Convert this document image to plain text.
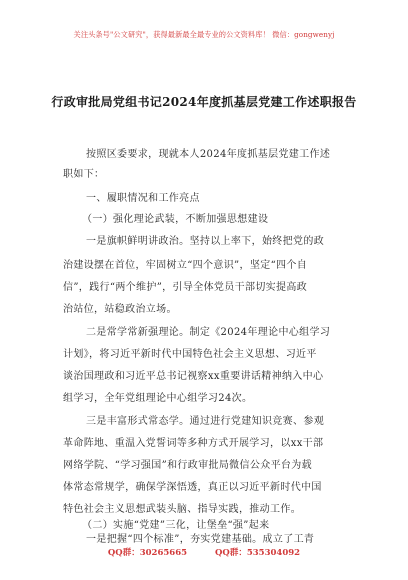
关注头条号"公文研究"，获得最新最全最专业的公文资料库！ 微信：gongwenyj
行政审批局党组书记2024年度抓基层党建工作述职报告
按照区委要求，现就本人2024年度抓基层党建工作述
职如下：
一、履职情况和工作亮点
（一）强化理论武装，不断加强思想建设
一是旗帜鲜明讲政治。坚持以上率下，始终把党的政
治建设摆在首位，牢固树立“四个意识”，坚定“四个自
信”，践行“两个维护”，引导全体党员干部切实提高政
治站位，站稳政治立场。
二是常学常新强理论。制定《2024年理论中心组学习
计划》，将习近平新时代中国特色社会主义思想、习近平
谈治国理政和习近平总书记视察xx重要讲话精神纳入中心
组学习，全年党组理论中心组学习24次。
三是丰富形式常态学。通过进行党建知识竞赛、参观
革命阵地、重温入党誓词等多种方式开展学习，以xx干部
网络学院、“学习强国”和行政审批局微信公众平台为载
体常态常规学，确保学深悟透，真正以习近平新时代中国
特色社会主义思想武装头脑、指导实践，推动工作。
（二）实施“党建”三化，让堡垒“强”起来
一是把握“四个标准”，夯实党建基础。成立了工青
QQ群：30265665	QQ群：535304092
